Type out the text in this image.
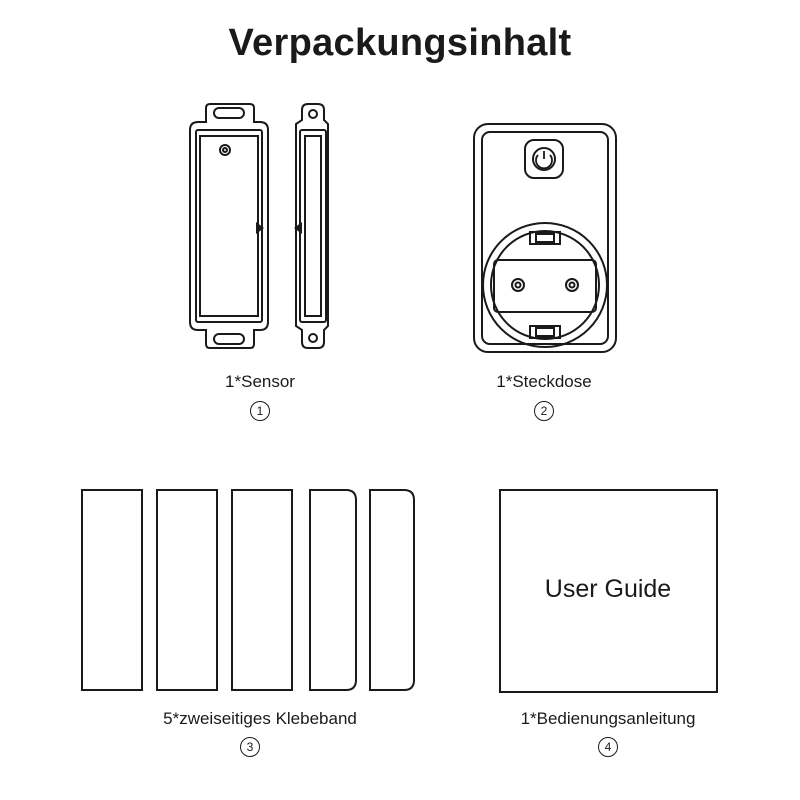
Verpackungsinhalt
1*Sensor
1
1*Steckdose
2
5*zweiseitiges Klebeband
3
User Guide
1*Bedienungsanleitung
4
